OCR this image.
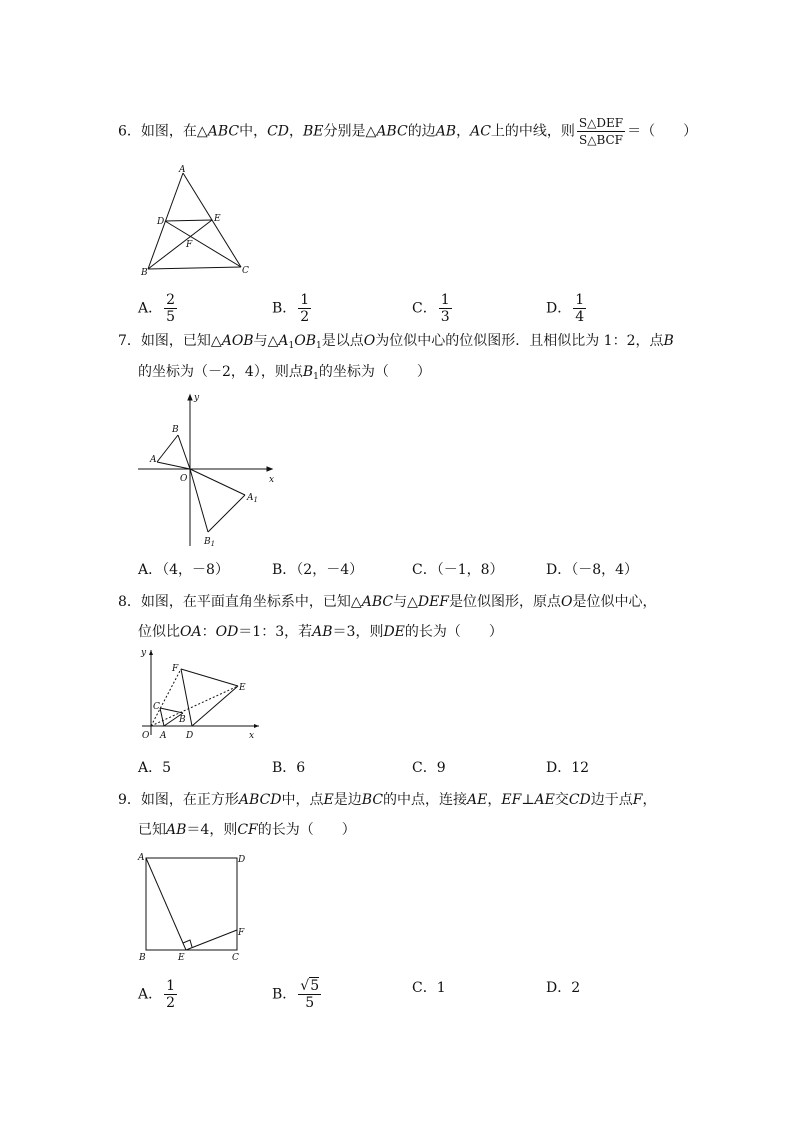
6．如图，在△ABC中，CD，BE分别是△ABC的边AB，AC上的中线，则 $\frac{\text{S△DEF}}{\text{S△BCF}}$ ＝（　　）
A
D	E
F
B	C
A． $\frac{2}{5}$	B． $\frac{1}{2}$	C． $\frac{1}{3}$	D． $\frac{1}{4}$
7．如图，已知△AOB与$\triangle A_1OB_1$是以点O为位似中心的位似图形．且相似比为 1：2，点B
的坐标为（－2，4），则点$B_1$的坐标为（　　）
y
B
A
O	x
$A_1$
$B_1$
A．（4，－8）	B．（2，－4）	C．（－1，8）	D．（－8，4）
8．如图，在平面直角坐标系中，已知△ABC与△DEF是位似图形，原点O是位似中心，
位似比OA：OD＝1：3，若AB＝3，则DE的长为（　　）
y
F
E
C
B
O A D	x
A．5	B．6	C．9	D．12
9．如图，在正方形ABCD中，点E是边BC的中点，连接AE，EF⊥AE交CD边于点F，
已知AB＝4，则CF的长为（　　）
A	D
F
B	E	C
A． $\frac{1}{2}$	B． $\frac{√5}{5}$	C．1	D．2
